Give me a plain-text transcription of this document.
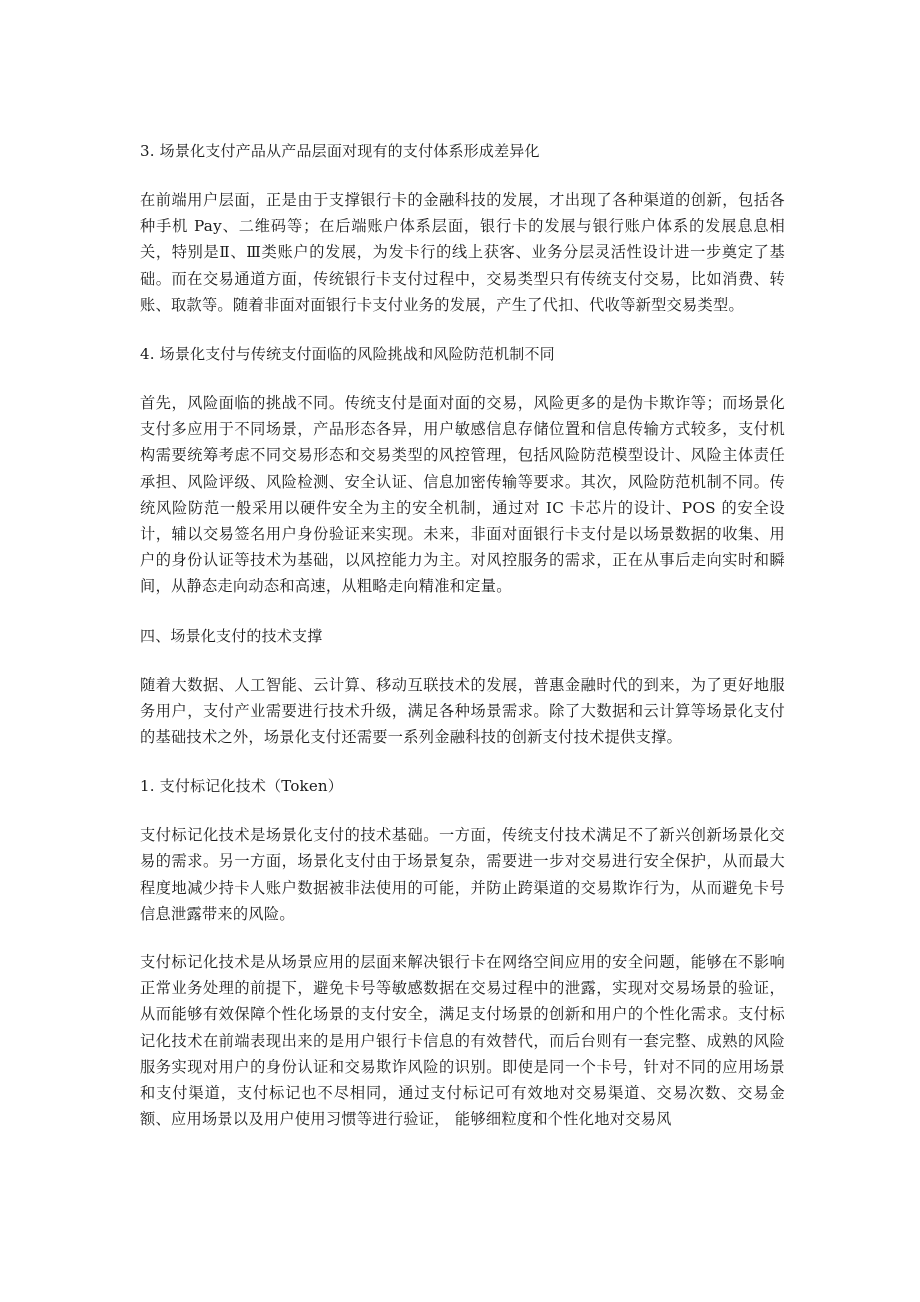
3. 场景化支付产品从产品层面对现有的支付体系形成差异化

在前端用户层面，正是由于支撑银行卡的金融科技的发展，才出现了各种渠道的创新，包括各种手机 Pay、二维码等；在后端账户体系层面，银行卡的发展与银行账户体系的发展息息相关，特别是Ⅱ、Ⅲ类账户的发展，为发卡行的线上获客、业务分层灵活性设计进一步奠定了基础。而在交易通道方面，传统银行卡支付过程中，交易类型只有传统支付交易，比如消费、转账、取款等。随着非面对面银行卡支付业务的发展，产生了代扣、代收等新型交易类型。

4. 场景化支付与传统支付面临的风险挑战和风险防范机制不同

首先，风险面临的挑战不同。传统支付是面对面的交易，风险更多的是伪卡欺诈等；而场景化支付多应用于不同场景，产品形态各异，用户敏感信息存储位置和信息传输方式较多，支付机构需要统筹考虑不同交易形态和交易类型的风控管理，包括风险防范模型设计、风险主体责任承担、风险评级、风险检测、安全认证、信息加密传输等要求。其次，风险防范机制不同。传统风险防范一般采用以硬件安全为主的安全机制，通过对 IC 卡芯片的设计、POS 的安全设计，辅以交易签名用户身份验证来实现。未来，非面对面银行卡支付是以场景数据的收集、用户的身份认证等技术为基础，以风控能力为主。对风控服务的需求，正在从事后走向实时和瞬间，从静态走向动态和高速，从粗略走向精准和定量。

四、场景化支付的技术支撑

随着大数据、人工智能、云计算、移动互联技术的发展，普惠金融时代的到来，为了更好地服务用户，支付产业需要进行技术升级，满足各种场景需求。除了大数据和云计算等场景化支付的基础技术之外，场景化支付还需要一系列金融科技的创新支付技术提供支撑。

1. 支付标记化技术（Token）

支付标记化技术是场景化支付的技术基础。一方面，传统支付技术满足不了新兴创新场景化交易的需求。另一方面，场景化支付由于场景复杂，需要进一步对交易进行安全保护，从而最大程度地减少持卡人账户数据被非法使用的可能，并防止跨渠道的交易欺诈行为，从而避免卡号信息泄露带来的风险。

支付标记化技术是从场景应用的层面来解决银行卡在网络空间应用的安全问题，能够在不影响正常业务处理的前提下，避免卡号等敏感数据在交易过程中的泄露，实现对交易场景的验证，从而能够有效保障个性化场景的支付安全，满足支付场景的创新和用户的个性化需求。支付标记化技术在前端表现出来的是用户银行卡信息的有效替代，而后台则有一套完整、成熟的风险服务实现对用户的身份认证和交易欺诈风险的识别。即使是同一个卡号，针对不同的应用场景和支付渠道，支付标记也不尽相同，通过支付标记可有效地对交易渠道、交易次数、交易金额、应用场景以及用户使用习惯等进行验证， 能够细粒度和个性化地对交易风
